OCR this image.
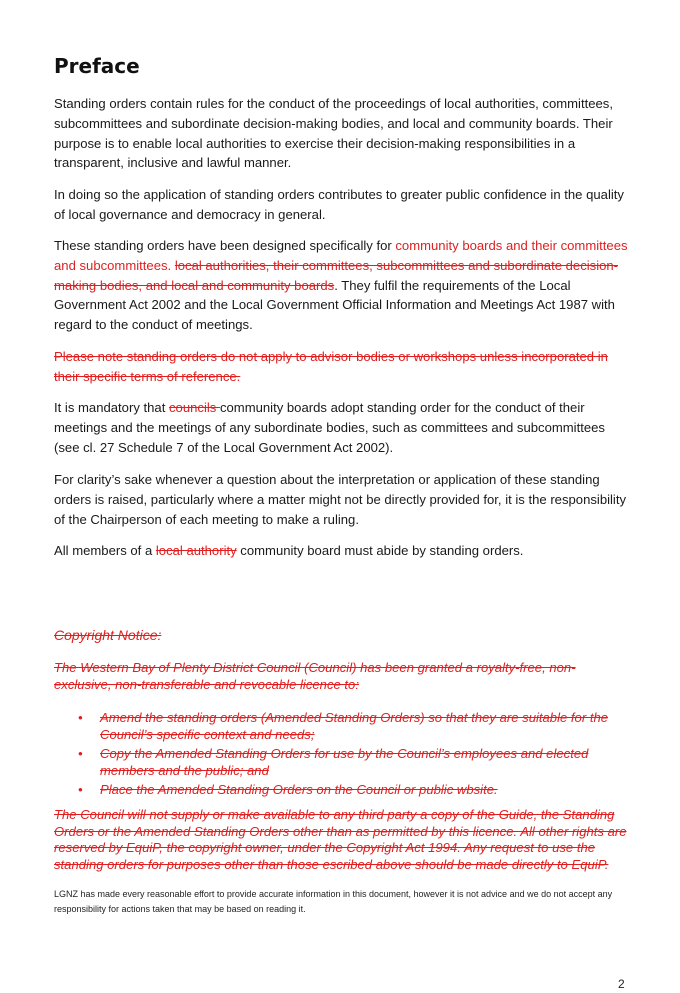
Preface

Standing orders contain rules for the conduct of the proceedings of local authorities, committees, subcommittees and subordinate decision-making bodies, and local and community boards. Their purpose is to enable local authorities to exercise their decision-making responsibilities in a transparent, inclusive and lawful manner.

In doing so the application of standing orders contributes to greater public confidence in the quality of local governance and democracy in general.

These standing orders have been designed specifically for community boards and their committees and subcommittees. local authorities, their committees, subcommittees and subordinate decision-making bodies, and local and community boards. They fulfil the requirements of the Local Government Act 2002 and the Local Government Official Information and Meetings Act 1987 with regard to the conduct of meetings.

Please note standing orders do not apply to advisor bodies or workshops unless incorporated in their specific terms of reference.

It is mandatory that councils community boards adopt standing order for the conduct of their meetings and the meetings of any subordinate bodies, such as committees and subcommittees (see cl. 27 Schedule 7 of the Local Government Act 2002).

For clarity’s sake whenever a question about the interpretation or application of these standing orders is raised, particularly where a matter might not be directly provided for, it is the responsibility of the Chairperson of each meeting to make a ruling.

All members of a local authority community board must abide by standing orders.

Copyright Notice:

The Western Bay of Plenty District Council (Council) has been granted a royalty-free, non-exclusive, non-transferable and revocable licence to:

• Amend the standing orders (Amended Standing Orders) so that they are suitable for the Council’s specific context and needs;
• Copy the Amended Standing Orders for use by the Council’s employees and elected members and the public; and
• Place the Amended Standing Orders on the Council or public wbsite.

The Council will not supply or make available to any third party a copy of the Guide, the Standing Orders or the Amended Standing Orders other than as permitted by this licence. All other rights are reserved by EquiP, the copyright owner, under the Copyright Act 1994. Any request to use the standing orders for purposes other than those escribed above should be made directly to EquiP.

LGNZ has made every reasonable effort to provide accurate information in this document, however it is not advice and we do not accept any responsibility for actions taken that may be based on reading it.

2
